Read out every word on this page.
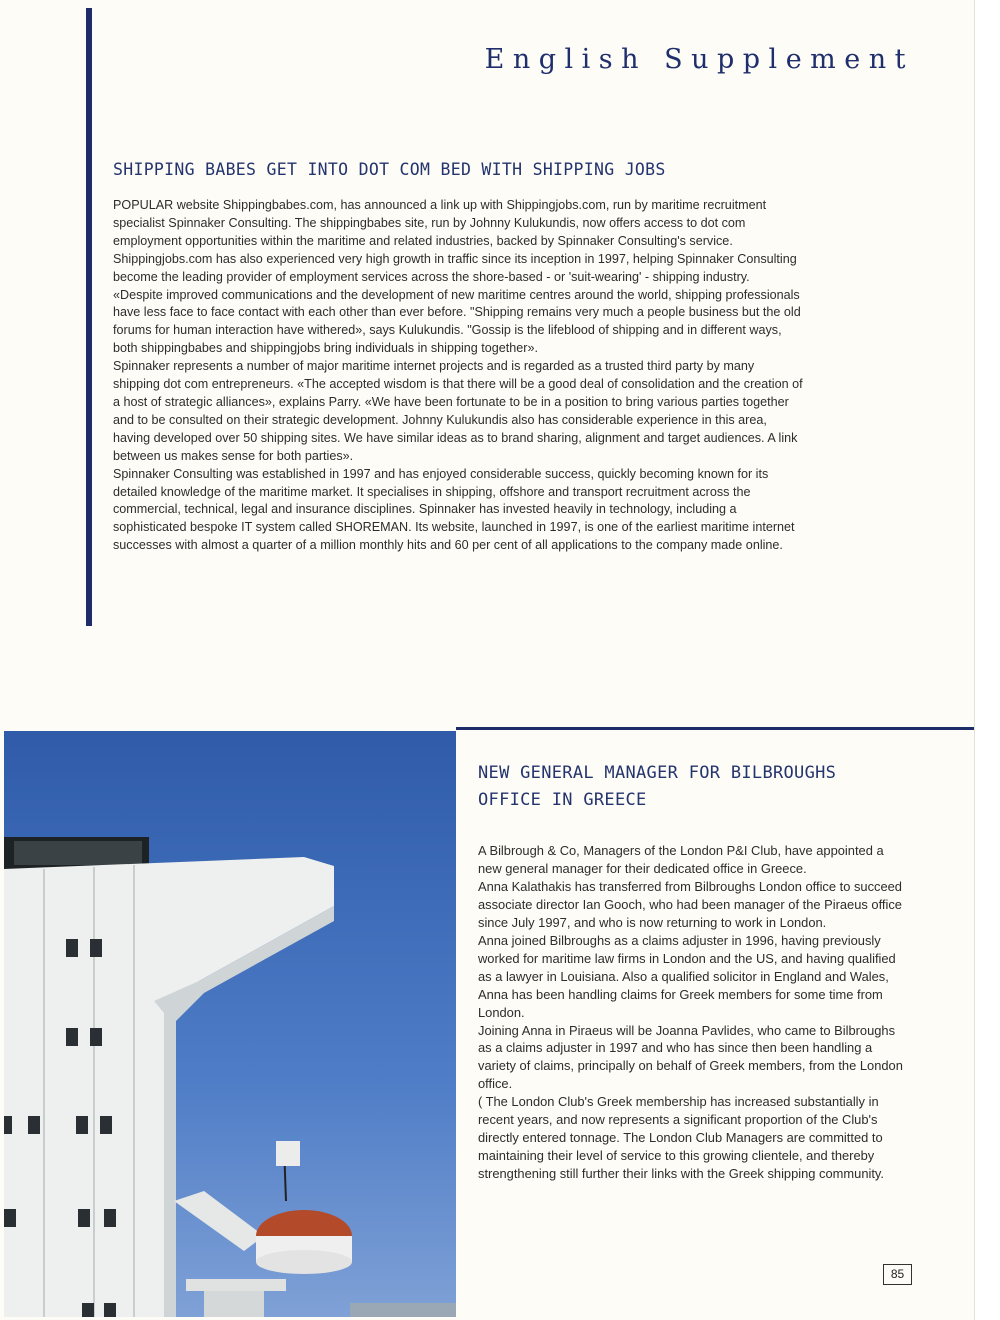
English Supplement
SHIPPING BABES GET INTO DOT COM BED WITH SHIPPING JOBS

POPULAR website Shippingbabes.com, has announced a link up with Shippingjobs.com, run by maritime recruitment specialist Spinnaker Consulting. The shippingbabes site, run by Johnny Kulukundis, now offers access to dot com employment opportunities within the maritime and related industries, backed by Spinnaker Consulting's service.

Shippingjobs.com has also experienced very high growth in traffic since its inception in 1997, helping Spinnaker Consulting become the leading provider of employment services across the shore-based - or 'suit-wearing' - shipping industry.

«Despite improved communications and the development of new maritime centres around the world, shipping professionals have less face to face contact with each other than ever before. "Shipping remains very much a people business but the old forums for human interaction have withered», says Kulukundis. "Gossip is the lifeblood of shipping and in different ways, both shippingbabes and shippingjobs bring individuals in shipping together».

Spinnaker represents a number of major maritime internet projects and is regarded as a trusted third party by many shipping dot com entrepreneurs. «The accepted wisdom is that there will be a good deal of consolidation and the creation of a host of strategic alliances», explains Parry. «We have been fortunate to be in a position to bring various parties together and to be consulted on their strategic development. Johnny Kulukundis also has considerable experience in this area, having developed over 50 shipping sites. We have similar ideas as to brand sharing, alignment and target audiences. A link between us makes sense for both parties».

Spinnaker Consulting was established in 1997 and has enjoyed considerable success, quickly becoming known for its detailed knowledge of the maritime market. It specialises in shipping, offshore and transport recruitment across the commercial, technical, legal and insurance disciplines. Spinnaker has invested heavily in technology, including a sophisticated bespoke IT system called SHOREMAN. Its website, launched in 1997, is one of the earliest maritime internet successes with almost a quarter of a million monthly hits and 60 per cent of all applications to the company made online.

NEW GENERAL MANAGER FOR BILBROUGHS
OFFICE IN GREECE

A Bilbrough & Co, Managers of the London P&I Club, have appointed a new general manager for their dedicated office in Greece.

Anna Kalathakis has transferred from Bilbroughs London office to succeed associate director Ian Gooch, who had been manager of the Piraeus office since July 1997, and who is now returning to work in London.

Anna joined Bilbroughs as a claims adjuster in 1996, having previously worked for maritime law firms in London and the US, and having qualified as a lawyer in Louisiana. Also a qualified solicitor in England and Wales, Anna has been handling claims for Greek members for some time from London.

Joining Anna in Piraeus will be Joanna Pavlides, who came to Bilbroughs as a claims adjuster in 1997 and who has since then been handling a variety of claims, principally on behalf of Greek members, from the London office.

( The London Club's Greek membership has increased substantially in recent years, and now represents a significant proportion of the Club's directly entered tonnage. The London Club Managers are committed to maintaining their level of service to this growing clientele, and thereby strengthening still further their links with the Greek shipping community.

85
